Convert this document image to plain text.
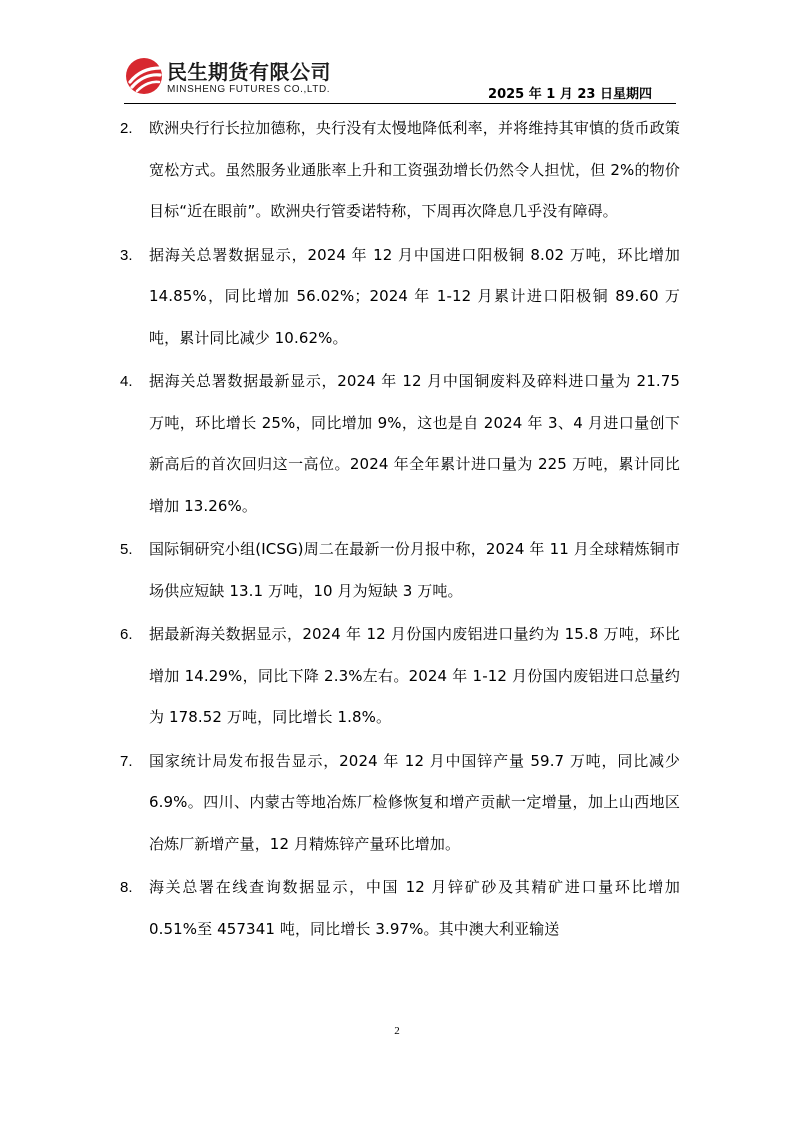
民生期货有限公司
MINSHENG FUTURES CO.,LTD.	2025 年 1 月 23 日星期四
2. 欧洲央行行长拉加德称，央行没有太慢地降低利率，并将维持其审慎的货币政策宽松方式。虽然服务业通胀率上升和工资强劲增长仍然令人担忧，但 2%的物价目标“近在眼前”。欧洲央行管委诺特称，下周再次降息几乎没有障碍。
3. 据海关总署数据显示，2024 年 12 月中国进口阳极铜 8.02 万吨，环比增加 14.85%，同比增加 56.02%；2024 年 1-12 月累计进口阳极铜 89.60 万吨，累计同比减少 10.62%。
4. 据海关总署数据最新显示，2024 年 12 月中国铜废料及碎料进口量为 21.75 万吨，环比增长 25%，同比增加 9%，这也是自 2024 年 3、4 月进口量创下新高后的首次回归这一高位。2024 年全年累计进口量为 225 万吨，累计同比增加 13.26%。
5. 国际铜研究小组(ICSG)周二在最新一份月报中称，2024 年 11 月全球精炼铜市场供应短缺 13.1 万吨，10 月为短缺 3 万吨。
6. 据最新海关数据显示，2024 年 12 月份国内废铝进口量约为 15.8 万吨，环比增加 14.29%，同比下降 2.3%左右。2024 年 1-12 月份国内废铝进口总量约为 178.52 万吨，同比增长 1.8%。
7. 国家统计局发布报告显示，2024 年 12 月中国锌产量 59.7 万吨，同比减少 6.9%。四川、内蒙古等地冶炼厂检修恢复和增产贡献一定增量，加上山西地区冶炼厂新增产量，12 月精炼锌产量环比增加。
8. 海关总署在线查询数据显示，中国 12 月锌矿砂及其精矿进口量环比增加 0.51%至 457341 吨，同比增长 3.97%。其中澳大利亚输送
2
